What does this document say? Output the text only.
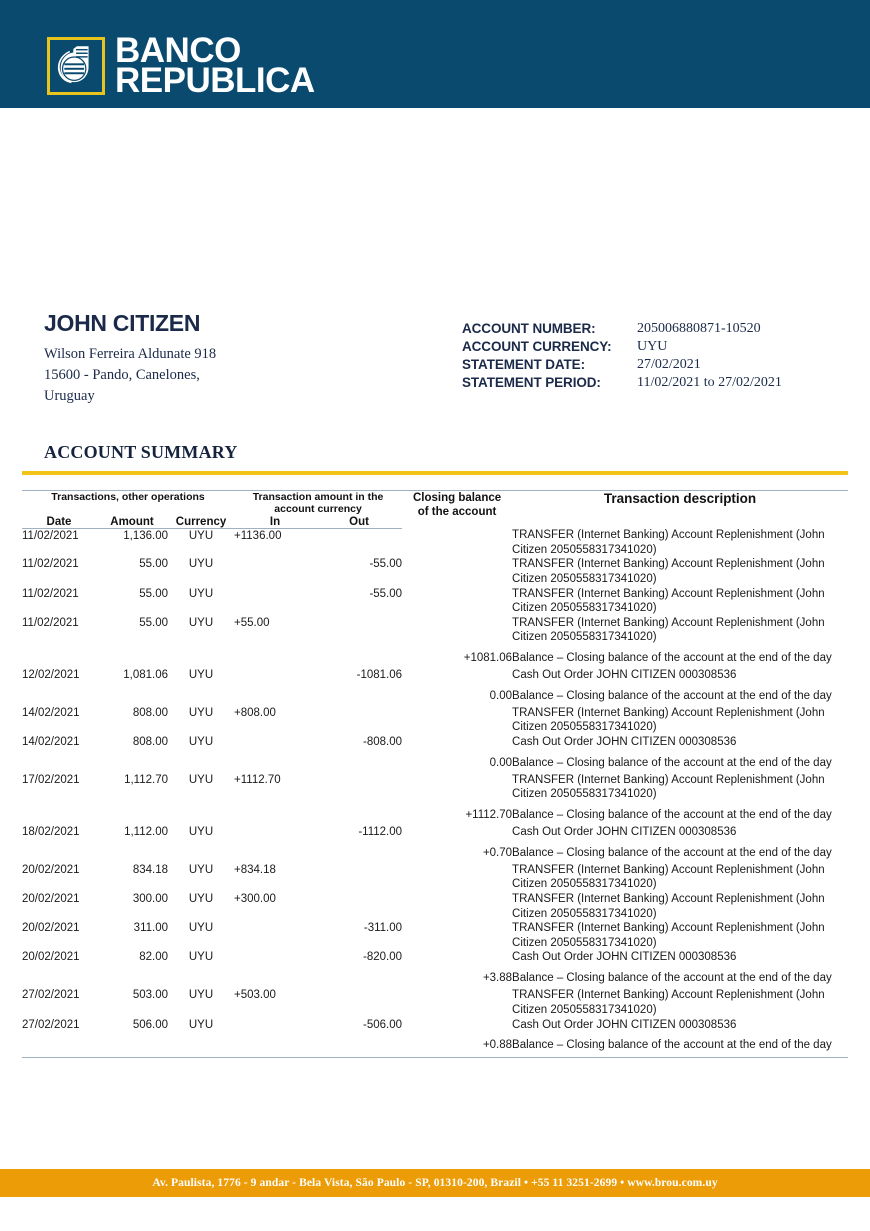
BANCO
REPUBLICA
JOHN CITIZEN
Wilson Ferreira Aldunate 918
15600 - Pando, Canelones,
Uruguay
ACCOUNT NUMBER:	205006880871-10520
ACCOUNT CURRENCY:	UYU
STATEMENT DATE:	27/02/2021
STATEMENT PERIOD:	11/02/2021 to 27/02/2021
ACCOUNT SUMMARY
Transactions, other operations			Transaction amount in the account currency		Closing balance
of the account	Transaction description
Date	Amount	Currency	In	Out		
11/02/2021	1,136.00	UYU	+1136.00			TRANSFER (Internet Banking) Account Replenishment (John Citizen 2050558317341020)
11/02/2021	55.00	UYU		-55.00		TRANSFER (Internet Banking) Account Replenishment (John Citizen 2050558317341020)
11/02/2021	55.00	UYU		-55.00		TRANSFER (Internet Banking) Account Replenishment (John Citizen 2050558317341020)
11/02/2021	55.00	UYU	+55.00			TRANSFER (Internet Banking) Account Replenishment (John Citizen 2050558317341020)
					+1081.06	Balance – Closing balance of the account at the end of the day
12/02/2021	1,081.06	UYU		-1081.06		Cash Out Order JOHN CITIZEN 000308536
					0.00	Balance – Closing balance of the account at the end of the day
14/02/2021	808.00	UYU	+808.00			TRANSFER (Internet Banking) Account Replenishment (John Citizen 2050558317341020)
14/02/2021	808.00	UYU		-808.00		Cash Out Order JOHN CITIZEN 000308536
					0.00	Balance – Closing balance of the account at the end of the day
17/02/2021	1,112.70	UYU	+1112.70			TRANSFER (Internet Banking) Account Replenishment (John Citizen 2050558317341020)
					+1112.70	Balance – Closing balance of the account at the end of the day
18/02/2021	1,112.00	UYU		-1112.00		Cash Out Order JOHN CITIZEN 000308536
					+0.70	Balance – Closing balance of the account at the end of the day
20/02/2021	834.18	UYU	+834.18			TRANSFER (Internet Banking) Account Replenishment (John Citizen 2050558317341020)
20/02/2021	300.00	UYU	+300.00			TRANSFER (Internet Banking) Account Replenishment (John Citizen 2050558317341020)
20/02/2021	311.00	UYU		-311.00		TRANSFER (Internet Banking) Account Replenishment (John Citizen 2050558317341020)
20/02/2021	82.00	UYU		-820.00		Cash Out Order JOHN CITIZEN 000308536
					+3.88	Balance – Closing balance of the account at the end of the day
27/02/2021	503.00	UYU	+503.00			TRANSFER (Internet Banking) Account Replenishment (John Citizen 2050558317341020)
27/02/2021	506.00	UYU		-506.00		Cash Out Order JOHN CITIZEN 000308536
					+0.88	Balance – Closing balance of the account at the end of the day
Av. Paulista, 1776 - 9 andar - Bela Vista, São Paulo - SP, 01310-200, Brazil • +55 11 3251-2699 • www.brou.com.uy
